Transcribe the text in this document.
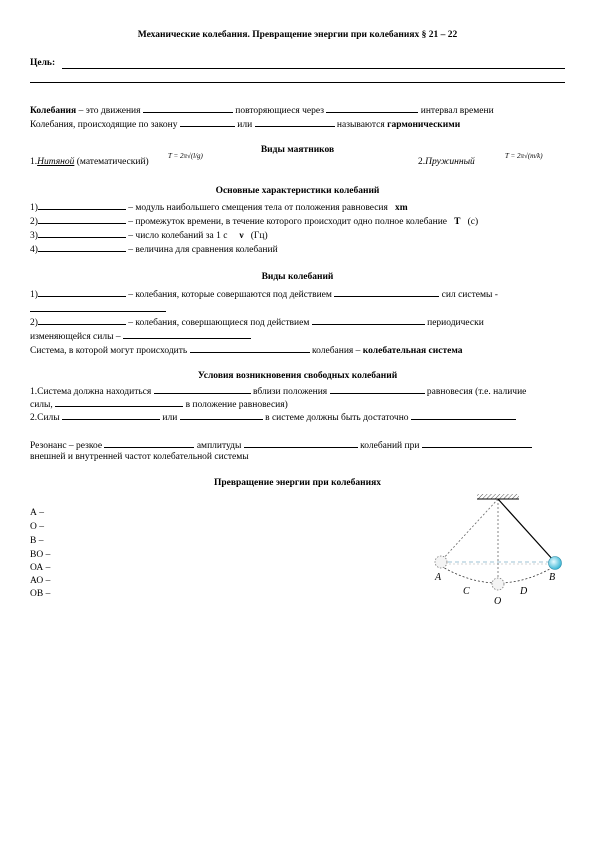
Механические колебания. Превращение энергии при колебаниях § 21 – 22
Цель:
Колебания – это движения	повторяющиеся через	интервал времени
Колебания, происходящие по закону	или	называются гармоническими
Виды маятников
1.Нитяной (математический)
T = 2π√(l/g)
2.Пружинный
T = 2π√(m/k)
Основные характеристики колебаний
1)	– модуль наибольшего смещения тела от положения равновесия xm
2)	– промежуток времени, в течение которого происходит одно полное колебание T (с)
3)	– число колебаний за 1 с ν (Гц)
4)	– величина для сравнения колебаний
Виды колебаний
1)	– колебания, которые совершаются под действием	сил системы -
2)	– колебания, совершающиеся под действием	периодически
изменяющейся силы –
Система, в которой могут происходить	колебания – колебательная система
Условия возникновения свободных колебаний
1.Система должна находиться	вблизи положения	равновесия (т.е. наличие
силы,	в положение равновесия)
2.Силы	или	в системе должны быть достаточно
Резонанс – резкое	амплитуды	колебаний при
внешней и внутренней частот колебательной системы
Превращение энергии при колебаниях
А –
О –
В –
ВО –
ОА –
АО –
ОВ –
A	B
C
O
D
